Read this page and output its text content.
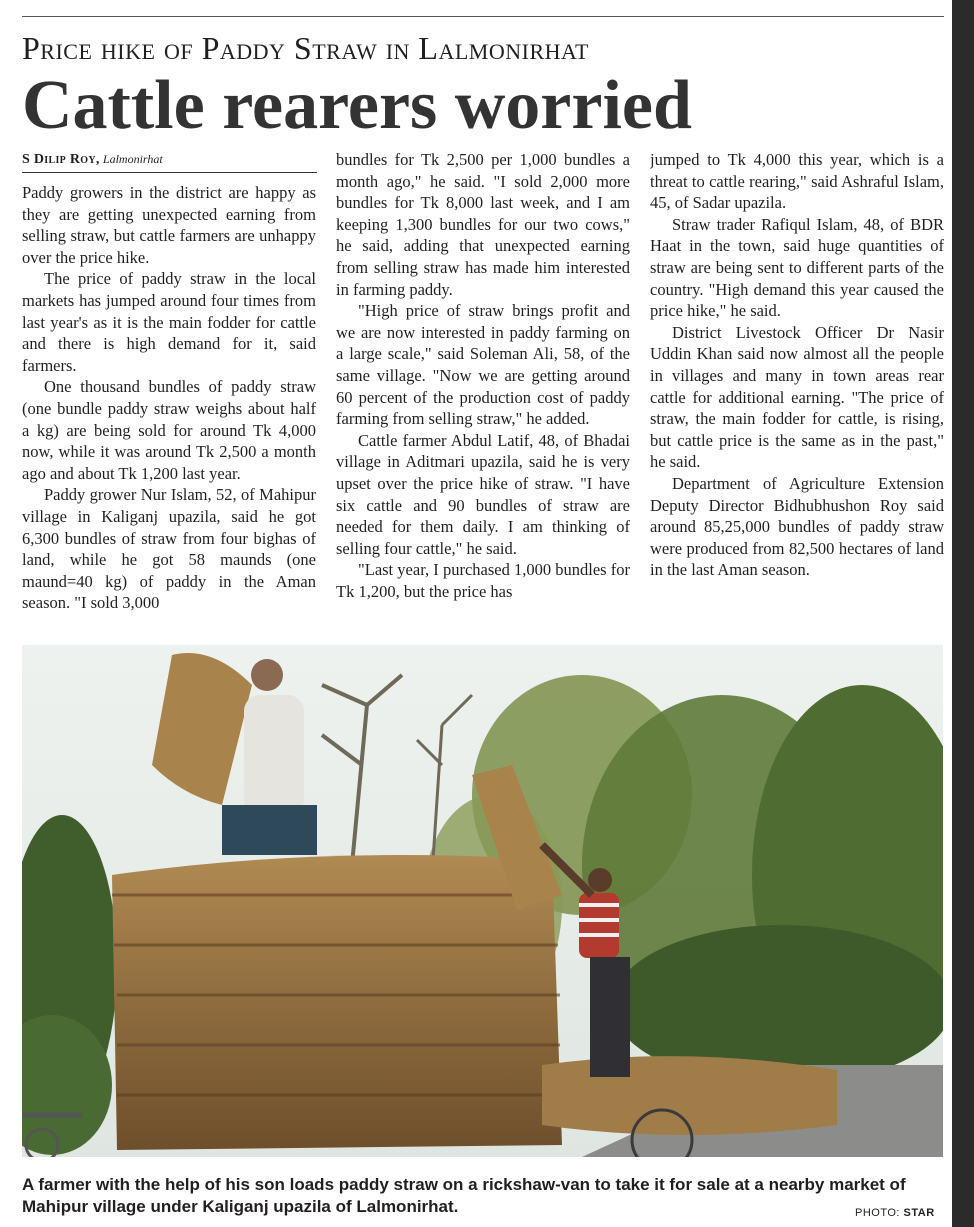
Price hike of Paddy Straw in Lalmonirhat
Cattle rearers worried
S Dilip Roy, Lalmonirhat

Paddy growers in the district are happy as they are getting unexpected earning from selling straw, but cattle farmers are unhappy over the price hike.

The price of paddy straw in the local markets has jumped around four times from last year's as it is the main fodder for cattle and there is high demand for it, said farmers.

One thousand bundles of paddy straw (one bundle paddy straw weighs about half a kg) are being sold for around Tk 4,000 now, while it was around Tk 2,500 a month ago and about Tk 1,200 last year.

Paddy grower Nur Islam, 52, of Mahipur village in Kaliganj upazila, said he got 6,300 bundles of straw from four bighas of land, while he got 58 maunds (one maund=40 kg) of paddy in the Aman season. "I sold 3,000

bundles for Tk 2,500 per 1,000 bundles a month ago," he said. "I sold 2,000 more bundles for Tk 8,000 last week, and I am keeping 1,300 bundles for our two cows," he said, adding that unexpected earning from selling straw has made him interested in farming paddy.

"High price of straw brings profit and we are now interested in paddy farming on a large scale," said Soleman Ali, 58, of the same village. "Now we are getting around 60 percent of the production cost of paddy farming from selling straw," he added.

Cattle farmer Abdul Latif, 48, of Bhadai village in Aditmari upazila, said he is very upset over the price hike of straw. "I have six cattle and 90 bundles of straw are needed for them daily. I am thinking of selling four cattle," he said.

"Last year, I purchased 1,000 bundles for Tk 1,200, but the price has

jumped to Tk 4,000 this year, which is a threat to cattle rearing," said Ashraful Islam, 45, of Sadar upazila.

Straw trader Rafiqul Islam, 48, of BDR Haat in the town, said huge quantities of straw are being sent to different parts of the country. "High demand this year caused the price hike," he said.

District Livestock Officer Dr Nasir Uddin Khan said now almost all the people in villages and many in town areas rear cattle for additional earning. "The price of straw, the main fodder for cattle, is rising, but cattle price is the same as in the past," he said.

Department of Agriculture Extension Deputy Director Bidhubhushon Roy said around 85,25,000 bundles of paddy straw were produced from 82,500 hectares of land in the last Aman season.

A farmer with the help of his son loads paddy straw on a rickshaw-van to take it for sale at a nearby market of Mahipur village under Kaliganj upazila of Lalmonirhat.	PHOTO: STAR
